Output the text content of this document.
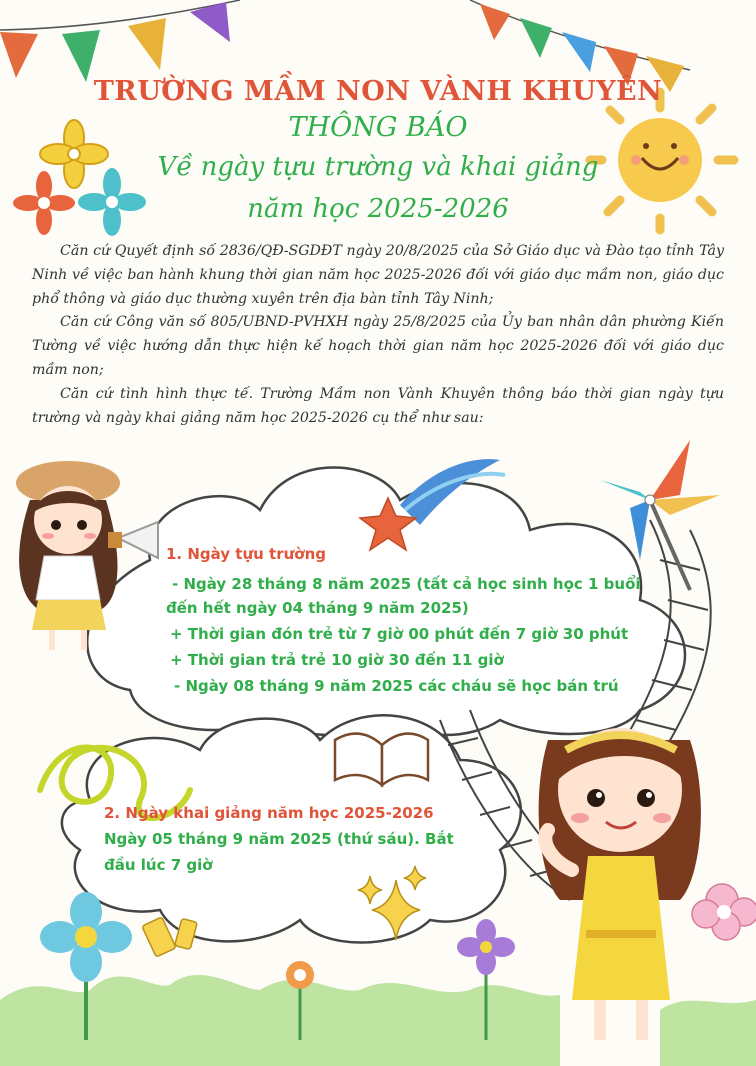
TRƯỜNG MẦM NON VÀNH KHUYÊN
THÔNG BÁO
Về ngày tựu trường và khai giảng
năm học 2025-2026

Căn cứ Quyết định số 2836/QĐ-SGDĐT ngày 20/8/2025 của Sở Giáo dục và Đào tạo tỉnh Tây Ninh về việc ban hành khung thời gian năm học 2025-2026 đối với giáo dục mầm non, giáo dục phổ thông và giáo dục thường xuyên trên địa bàn tỉnh Tây Ninh;

Căn cứ Công văn số 805/UBND-PVHXH ngày 25/8/2025 của Ủy ban nhân dân phường Kiến Tường về việc hướng dẫn thực hiện kế hoạch thời gian năm học 2025-2026 đối với giáo dục mầm non;

Căn cứ tình hình thực tế. Trường Mầm non Vành Khuyên thông báo thời gian ngày tựu trường và ngày khai giảng năm học 2025-2026 cụ thể như sau:

1. Ngày tựu trường
- Ngày 28 tháng 8 năm 2025 (tất cả học sinh học 1 buổi
đến hết ngày 04 tháng 9 năm 2025)
+ Thời gian đón trẻ từ 7 giờ 00 phút đến 7 giờ 30 phút
+ Thời gian trả trẻ 10 giờ 30 đến 11 giờ
- Ngày 08 tháng 9 năm 2025 các cháu sẽ học bán trú
2. Ngày khai giảng năm học 2025-2026
Ngày 05 tháng 9 năm 2025 (thứ sáu). Bắt
đầu lúc 7 giờ
